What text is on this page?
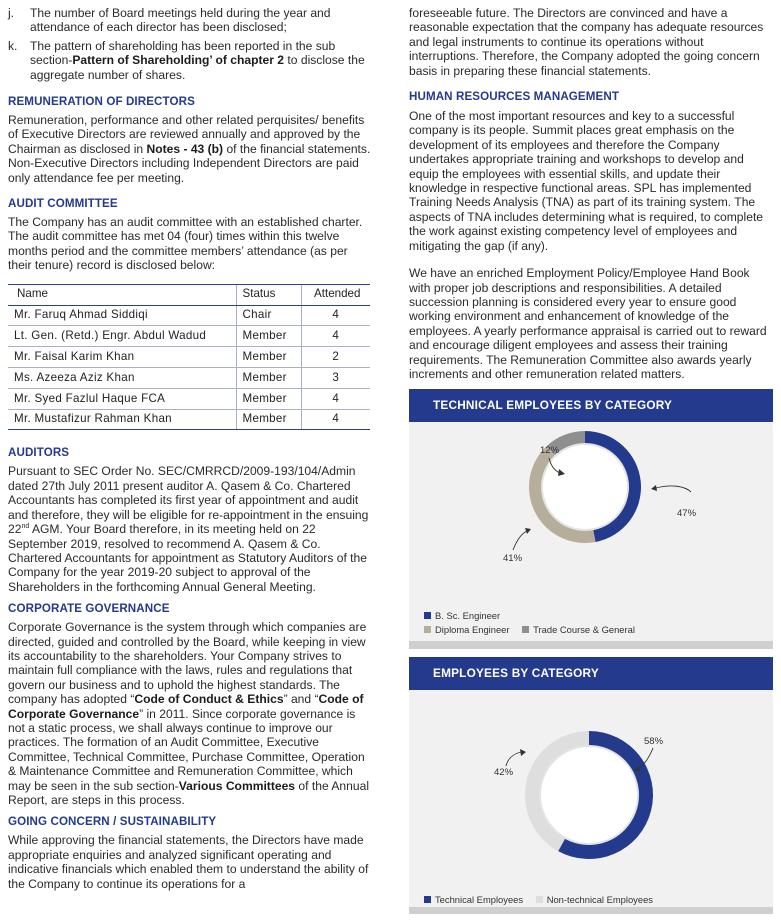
j. The number of Board meetings held during the year and attendance of each director has been disclosed;

k. The pattern of shareholding has been reported in the sub section-Pattern of Shareholding’ of chapter 2 to disclose the aggregate number of shares.

REMUNERATION OF DIRECTORS

Remuneration, performance and other related perquisites/ benefits of Executive Directors are reviewed annually and approved by the Chairman as disclosed in Notes - 43 (b) of the financial statements. Non-Executive Directors including Independent Directors are paid only attendance fee per meeting.

AUDIT COMMITTEE

The Company has an audit committee with an established charter. The audit committee has met 04 (four) times within this twelve months period and the committee members’ attendance (as per their tenure) record is disclosed below:

Name	Status	Attended
Mr. Faruq Ahmad Siddiqi	Chair	4
Lt. Gen. (Retd.) Engr. Abdul Wadud	Member	4
Mr. Faisal Karim Khan	Member	2
Ms. Azeeza Aziz Khan	Member	3
Mr. Syed Fazlul Haque FCA	Member	4
Mr. Mustafizur Rahman Khan	Member	4
AUDITORS

Pursuant to SEC Order No. SEC/CMRRCD/2009-193/104/Admin dated 27th July 2011 present auditor A. Qasem & Co. Chartered Accountants has completed its first year of appointment and audit and therefore, they will be eligible for re-appointment in the ensuing 22nd AGM. Your Board therefore, in its meeting held on 22 September 2019, resolved to recommend A. Qasem & Co. Chartered Accountants for appointment as Statutory Auditors of the Company for the year 2019-20 subject to approval of the Shareholders in the forthcoming Annual General Meeting.

CORPORATE GOVERNANCE

Corporate Governance is the system through which companies are directed, guided and controlled by the Board, while keeping in view its accountability to the shareholders. Your Company strives to maintain full compliance with the laws, rules and regulations that govern our business and to uphold the highest standards. The company has adopted “Code of Conduct & Ethics” and “Code of Corporate Governance” in 2011. Since corporate governance is not a static process, we shall always continue to improve our practices. The formation of an Audit Committee, Executive Committee, Technical Committee, Purchase Committee, Operation & Maintenance Committee and Remuneration Committee, which may be seen in the sub section-Various Committees of the Annual Report, are steps in this process.

GOING CONCERN / SUSTAINABILITY

While approving the financial statements, the Directors have made appropriate enquiries and analyzed significant operating and indicative financials which enabled them to understand the ability of the Company to continue its operations for a

foreseeable future. The Directors are convinced and have a reasonable expectation that the company has adequate resources and legal instruments to continue its operations without interruptions. Therefore, the Company adopted the going concern basis in preparing these financial statements.

HUMAN RESOURCES MANAGEMENT

One of the most important resources and key to a successful company is its people. Summit places great emphasis on the development of its employees and therefore the Company undertakes appropriate training and workshops to develop and equip the employees with essential skills, and update their knowledge in respective functional areas. SPL has implemented Training Needs Analysis (TNA) as part of its training system. The aspects of TNA includes determining what is required, to complete the work against existing competency level of employees and mitigating the gap (if any).

We have an enriched Employment Policy/Employee Hand Book with proper job descriptions and responsibilities. A detailed succession planning is considered every year to ensure good working environment and enhancement of knowledge of the employees. A yearly performance appraisal is carried out to reward and encourage diligent employees and assess their training requirements. The Remuneration Committee also awards yearly increments and other remuneration related matters.

TECHNICAL EMPLOYEES BY CATEGORY
47%
41%
12%
B. Sc. Engineer
Diploma Engineer	Trade Course & General
EMPLOYEES BY CATEGORY
58%
42%
Technical Employees	Non-technical Employees
